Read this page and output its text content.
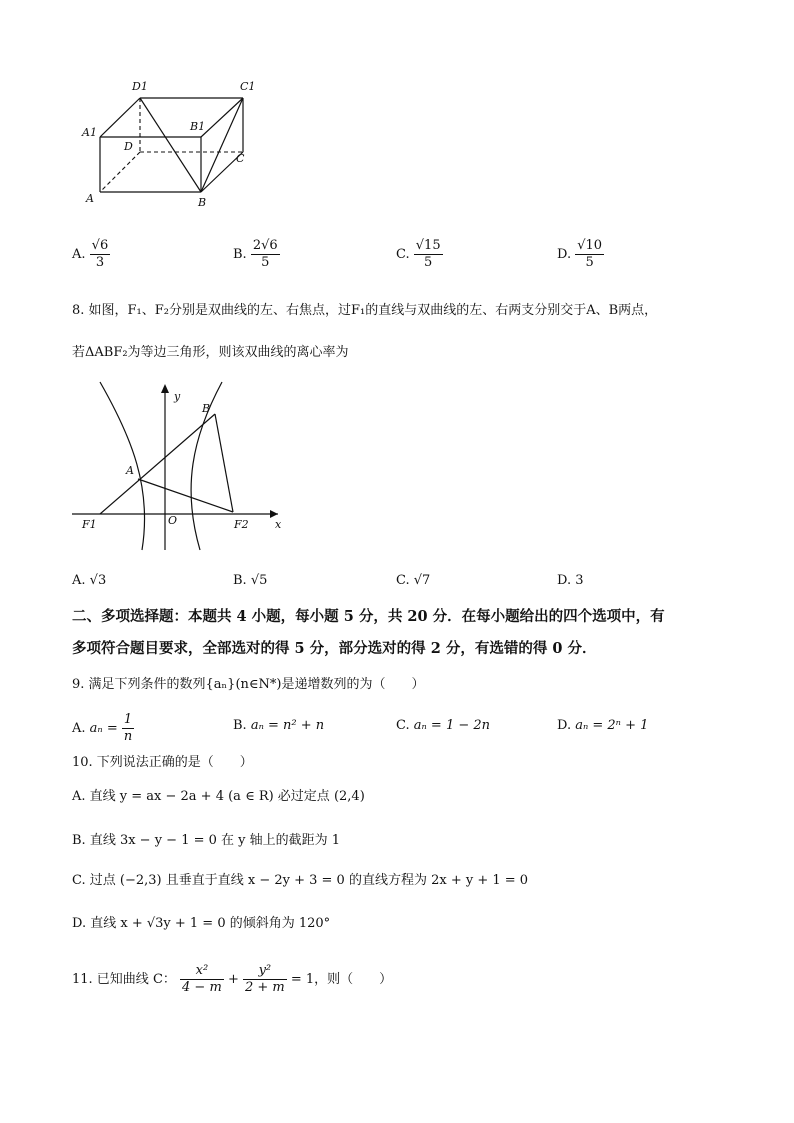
D1	C1
A1	B1
D
C
A	B
A. $\frac{√6}{3}$	B. $\frac{2√6}{5}$	C. $\frac{√15}{5}$	D. $\frac{√10}{5}$
8. 如图，F₁、F₂分别是双曲线的左、右焦点，过F₁的直线与双曲线的左、右两支分别交于A、B两点，
若ΔABF₂为等边三角形，则该双曲线的离心率为
y
x
B
A
O
F1	F2
A. √3	B. √5	C. √7	D. 3
二、多项选择题：本题共 4 小题，每小题 5 分，共 20 分．在每小题给出的四个选项中，有
多项符合题目要求，全部选对的得 5 分，部分选对的得 2 分，有选错的得 0 分．
9. 满足下列条件的数列{aₙ}(n∈N*)是递增数列的为（　　）
A. $a_n = \frac{1}{n}$	B. aₙ = n² + n	C. aₙ = 1 − 2n	D. aₙ = 2ⁿ + 1
10. 下列说法正确的是（　　）
A. 直线 y = ax − 2a + 4 (a ∈ R) 必过定点 (2,4)
B. 直线 3x − y − 1 = 0 在 y 轴上的截距为 1
C. 过点 (−2,3) 且垂直于直线 x − 2y + 3 = 0 的直线方程为 2x + y + 1 = 0
D. 直线 x + √3y + 1 = 0 的倾斜角为 120°
11. 已知曲线 C： $\frac{\text{x²}}{4 - m} + \frac{\text{y²}}{2 + m} = 1$，则（　　）
